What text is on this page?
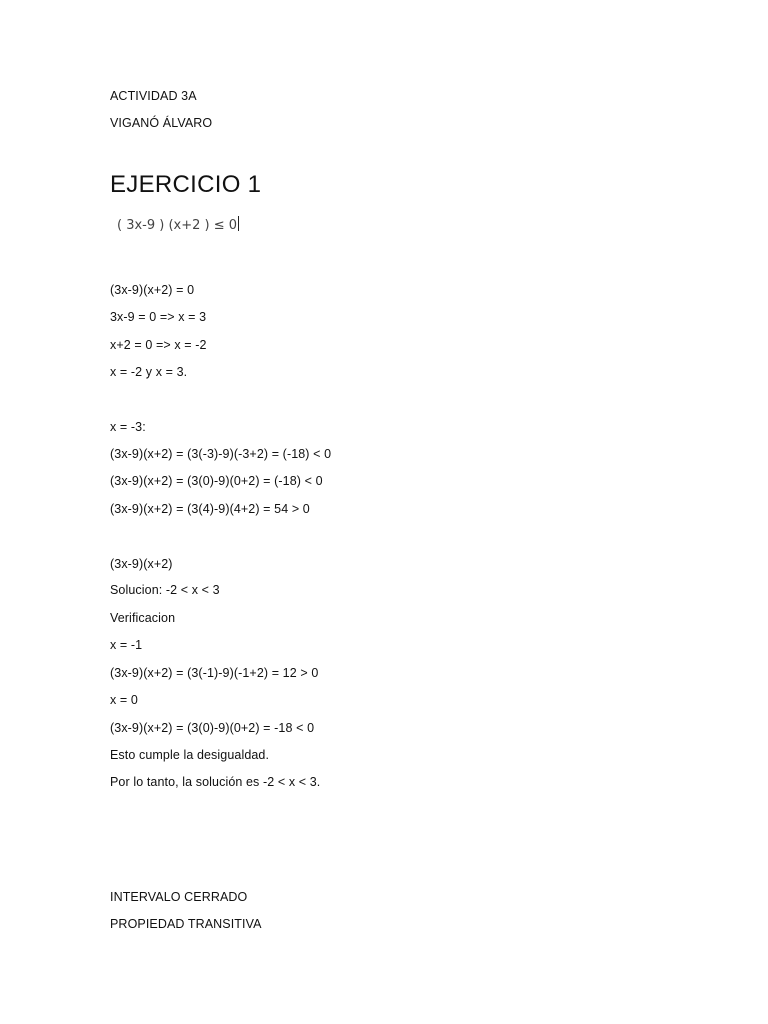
ACTIVIDAD 3A
VIGANÓ ÁLVARO
EJERCICIO 1
( 3x-9 ) (x+2 ) ≤ 0
(3x-9)(x+2) = 0
3x-9 = 0 => x = 3
x+2 = 0 => x = -2
x = -2 y x = 3.
x = -3:
(3x-9)(x+2) = (3(-3)-9)(-3+2) = (-18) < 0
(3x-9)(x+2) = (3(0)-9)(0+2) = (-18) < 0
(3x-9)(x+2) = (3(4)-9)(4+2) = 54 > 0
(3x-9)(x+2)
Solucion: -2 < x < 3
Verificacion
x = -1
(3x-9)(x+2) = (3(-1)-9)(-1+2) = 12 > 0
x = 0
(3x-9)(x+2) = (3(0)-9)(0+2) = -18 < 0
Esto cumple la desigualdad.
Por lo tanto, la solución es -2 < x < 3.
INTERVALO CERRADO
PROPIEDAD TRANSITIVA
